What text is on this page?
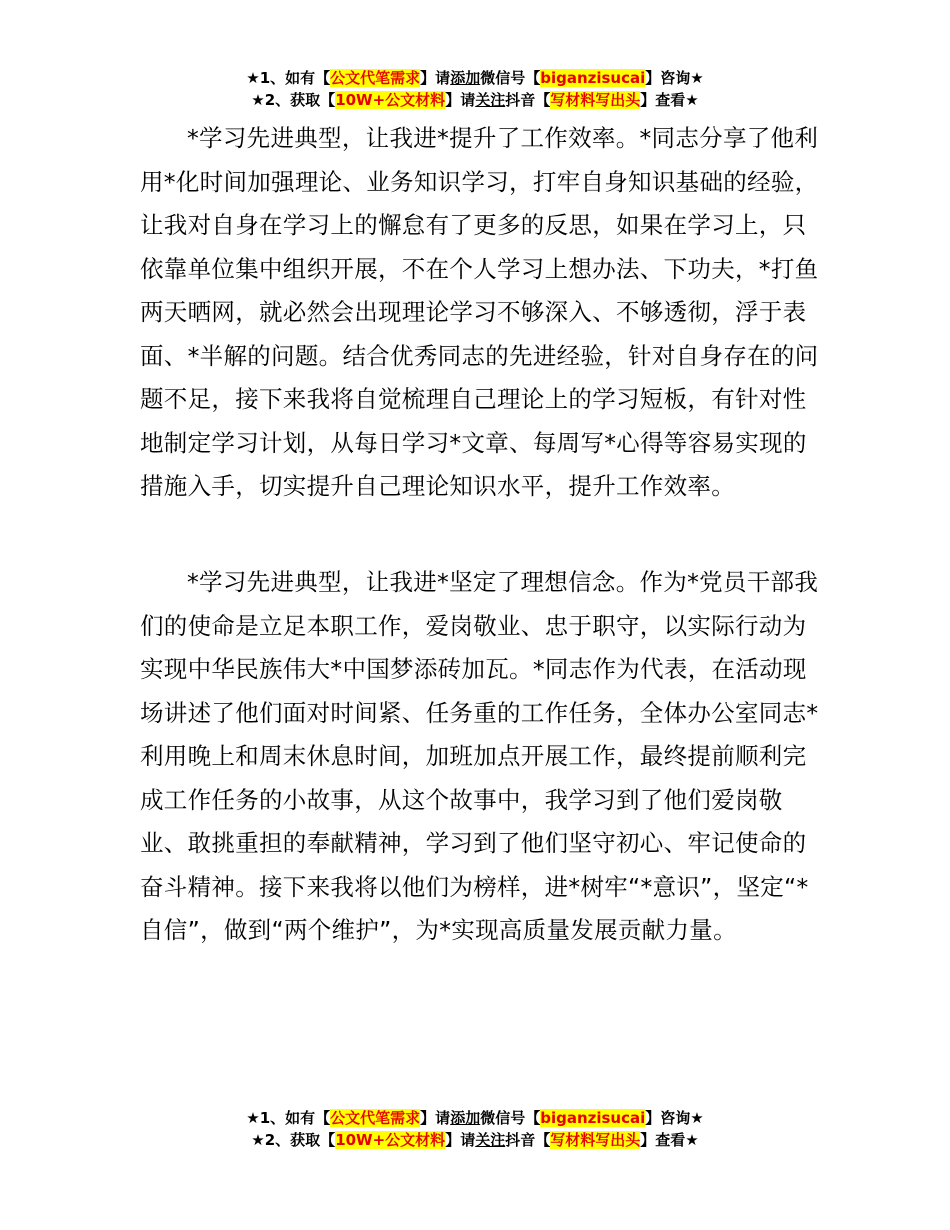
★1、如有【公文代笔需求】请添加微信号【biganzisucai】咨询★
★2、获取【10W+公文材料】请关注抖音【写材料写出头】查看★

*学习先进典型，让我进*提升了工作效率。*同志分享了他利用*化时间加强理论、业务知识学习，打牢自身知识基础的经验，让我对自身在学习上的懈怠有了更多的反思，如果在学习上，只依靠单位集中组织开展，不在个人学习上想办法、下功夫，*打鱼两天晒网，就必然会出现理论学习不够深入、不够透彻，浮于表面、*半解的问题。结合优秀同志的先进经验，针对自身存在的问题不足，接下来我将自觉梳理自己理论上的学习短板，有针对性地制定学习计划，从每日学习*文章、每周写*心得等容易实现的措施入手，切实提升自己理论知识水平，提升工作效率。

*学习先进典型，让我进*坚定了理想信念。作为*党员干部我们的使命是立足本职工作，爱岗敬业、忠于职守，以实际行动为实现中华民族伟大*中国梦添砖加瓦。*同志作为代表，在活动现场讲述了他们面对时间紧、任务重的工作任务，全体办公室同志*利用晚上和周末休息时间，加班加点开展工作，最终提前顺利完成工作任务的小故事，从这个故事中，我学习到了他们爱岗敬业、敢挑重担的奉献精神，学习到了他们坚守初心、牢记使命的奋斗精神。接下来我将以他们为榜样，进*树牢“*意识”，坚定“*自信”，做到“两个维护”，为*实现高质量发展贡献力量。

★1、如有【公文代笔需求】请添加微信号【biganzisucai】咨询★
★2、获取【10W+公文材料】请关注抖音【写材料写出头】查看★
